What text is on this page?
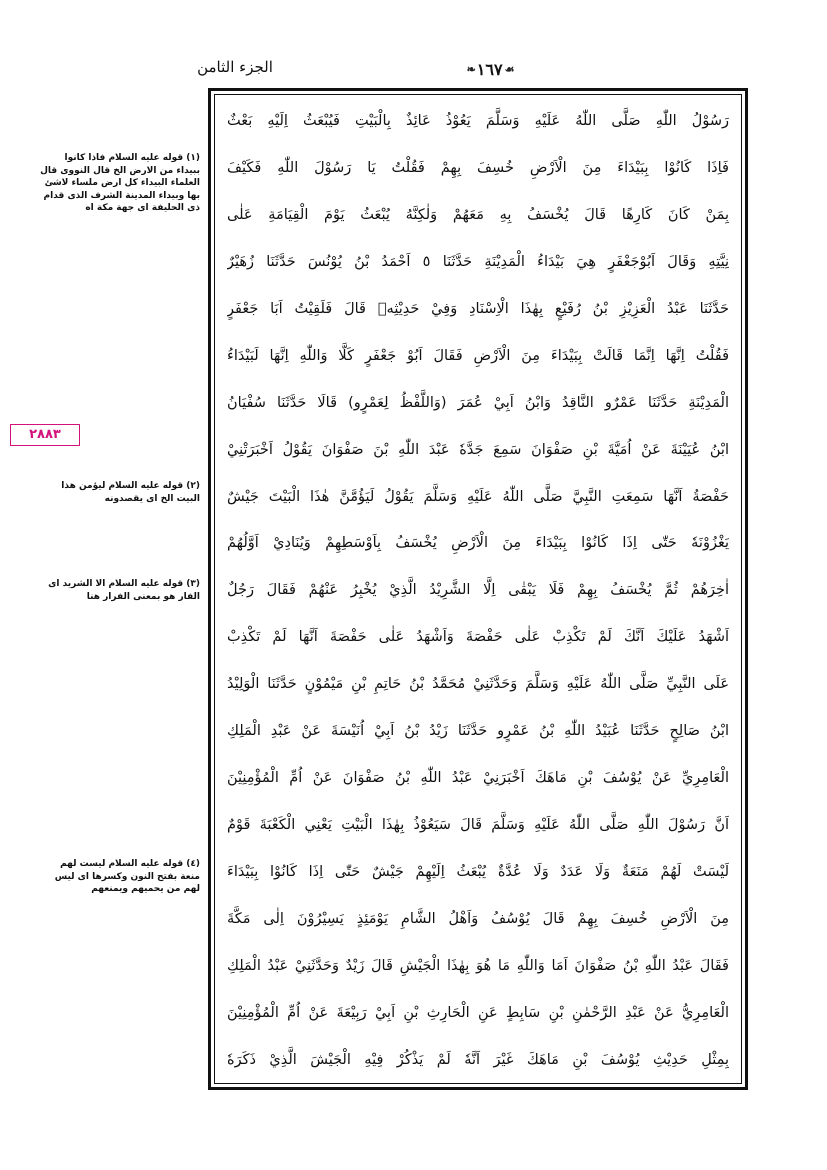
الجزء الثامن	❧ ١٦٧ ☙
٢٨٨٣
(١) قوله عليه السلام فاذا كانوا ببيداء من الارض الخ قال النووى قال العلماء البيداء كل ارض ملساء لاشئ بها وبيداء المدينة الشرف الذى قدام ذى الحليفة اى جهة مكة اه
(٢) قوله عليه السلام ليؤمن هذا البيت الخ اى يقصدونه
(٣) قوله عليه السلام الا الشريد اى الفار هو بمعنى الفرار هنا
(٤) قوله عليه السلام ليست لهم منعة بفتح النون وكسرها اى ليس لهم من يحميهم ويمنعهم
رَسُوْلُ اللّٰهِ صَلَّى اللّٰهُ عَلَيْهِ وَسَلَّمَ يَعُوْذُ عَائِذٌ بِالْبَيْتِ فَيُبْعَثُ اِلَيْهِ بَعْثٌ
فَاِذَا كَانُوْا بِبَيْدَاءَ مِنَ الْاَرْضِ خُسِفَ بِهِمْ فَقُلْتُ يَا رَسُوْلَ اللّٰهِ فَكَيْفَ
بِمَنْ كَانَ كَارِهًا قَالَ يُخْسَفُ بِهِ مَعَهُمْ وَلٰكِنَّهُ يُبْعَثُ يَوْمَ الْقِيَامَةِ عَلٰى
نِيَّتِهِ وَقَالَ اَبُوْجَعْفَرٍ هِيَ بَيْدَاءُ الْمَدِيْنَةِ حَدَّثَنَا ٥ اَحْمَدُ بْنُ يُوْنُسَ حَدَّثَنَا زُهَيْرٌ
حَدَّثَنَا عَبْدُ الْعَزِيْزِ بْنُ رُفَيْعٍ بِهٰذَا الْاِسْنَادِ وَفِيْ حَدِيْثِهٖ قَالَ فَلَقِيْتُ اَبَا جَعْفَرٍ
فَقُلْتُ اِنَّهَا اِنَّمَا قَالَتْ بِبَيْدَاءَ مِنَ الْاَرْضِ فَقَالَ اَبُوْ جَعْفَرٍ كَلَّا وَاللّٰهِ اِنَّهَا لَبَيْدَاءُ
الْمَدِيْنَةِ حَدَّثَنَا عَمْرٌو النَّاقِدُ وَابْنُ اَبِيْ عُمَرَ (وَاللَّفْظُ لِعَمْرٍو) قَالَا حَدَّثَنَا سُفْيَانُ
ابْنُ عُيَيْنَةَ عَنْ اُمَيَّةَ بْنِ صَفْوَانَ سَمِعَ جَدَّهٗ عَبْدَ اللّٰهِ بْنَ صَفْوَانَ يَقُوْلُ اَخْبَرَتْنِيْ
حَفْصَةُ اَنَّهَا سَمِعَتِ النَّبِيَّ صَلَّى اللّٰهُ عَلَيْهِ وَسَلَّمَ يَقُوْلُ لَيَؤُمَّنَّ هٰذَا الْبَيْتَ جَيْشٌ
يَغْزُوْنَهٗ حَتّٰى اِذَا كَانُوْا بِبَيْدَاءَ مِنَ الْاَرْضِ يُخْسَفُ بِاَوْسَطِهِمْ وَيُنَادِيْ اَوَّلُهُمْ
اٰخِرَهُمْ ثُمَّ يُخْسَفُ بِهِمْ فَلَا يَبْقٰى اِلَّا الشَّرِيْدُ الَّذِيْ يُخْبِرُ عَنْهُمْ فَقَالَ رَجُلٌ
اَشْهَدُ عَلَيْكَ اَنَّكَ لَمْ تَكْذِبْ عَلٰى حَفْصَةَ وَاَشْهَدُ عَلٰى حَفْصَةَ اَنَّهَا لَمْ تَكْذِبْ
عَلَى النَّبِيِّ صَلَّى اللّٰهُ عَلَيْهِ وَسَلَّمَ وَحَدَّثَنِيْ مُحَمَّدُ بْنُ حَاتِمِ بْنِ مَيْمُوْنٍ حَدَّثَنَا الْوَلِيْدُ
ابْنُ صَالِحٍ حَدَّثَنَا عُبَيْدُ اللّٰهِ بْنُ عَمْرٍو حَدَّثَنَا زَيْدُ بْنُ اَبِيْ اُنَيْسَةَ عَنْ عَبْدِ الْمَلِكِ
الْعَامِرِيِّ عَنْ يُوْسُفَ بْنِ مَاهَكَ اَخْبَرَنِيْ عَبْدُ اللّٰهِ بْنُ صَفْوَانَ عَنْ اُمِّ الْمُؤْمِنِيْنَ
اَنَّ رَسُوْلَ اللّٰهِ صَلَّى اللّٰهُ عَلَيْهِ وَسَلَّمَ قَالَ سَيَعُوْذُ بِهٰذَا الْبَيْتِ يَعْنِي الْكَعْبَةَ قَوْمٌ
لَيْسَتْ لَهُمْ مَنَعَةٌ وَلَا عَدَدٌ وَلَا عُدَّةٌ يُبْعَثُ اِلَيْهِمْ جَيْشٌ حَتّٰى اِذَا كَانُوْا بِبَيْدَاءَ
مِنَ الْاَرْضِ خُسِفَ بِهِمْ قَالَ يُوْسُفُ وَاَهْلُ الشَّامِ يَوْمَئِذٍ يَسِيْرُوْنَ اِلٰى مَكَّةَ
فَقَالَ عَبْدُ اللّٰهِ بْنُ صَفْوَانَ اَمَا وَاللّٰهِ مَا هُوَ بِهٰذَا الْجَيْشِ قَالَ زَيْدٌ وَحَدَّثَنِيْ عَبْدُ الْمَلِكِ
الْعَامِرِيُّ عَنْ عَبْدِ الرَّحْمٰنِ بْنِ سَابِطٍ عَنِ الْحَارِثِ بْنِ اَبِيْ رَبِيْعَةَ عَنْ اُمِّ الْمُؤْمِنِيْنَ
بِمِثْلِ حَدِيْثِ يُوْسُفَ بْنِ مَاهَكَ غَيْرَ اَنَّهٗ لَمْ يَذْكُرْ فِيْهِ الْجَيْشَ الَّذِيْ ذَكَرَهٗ
